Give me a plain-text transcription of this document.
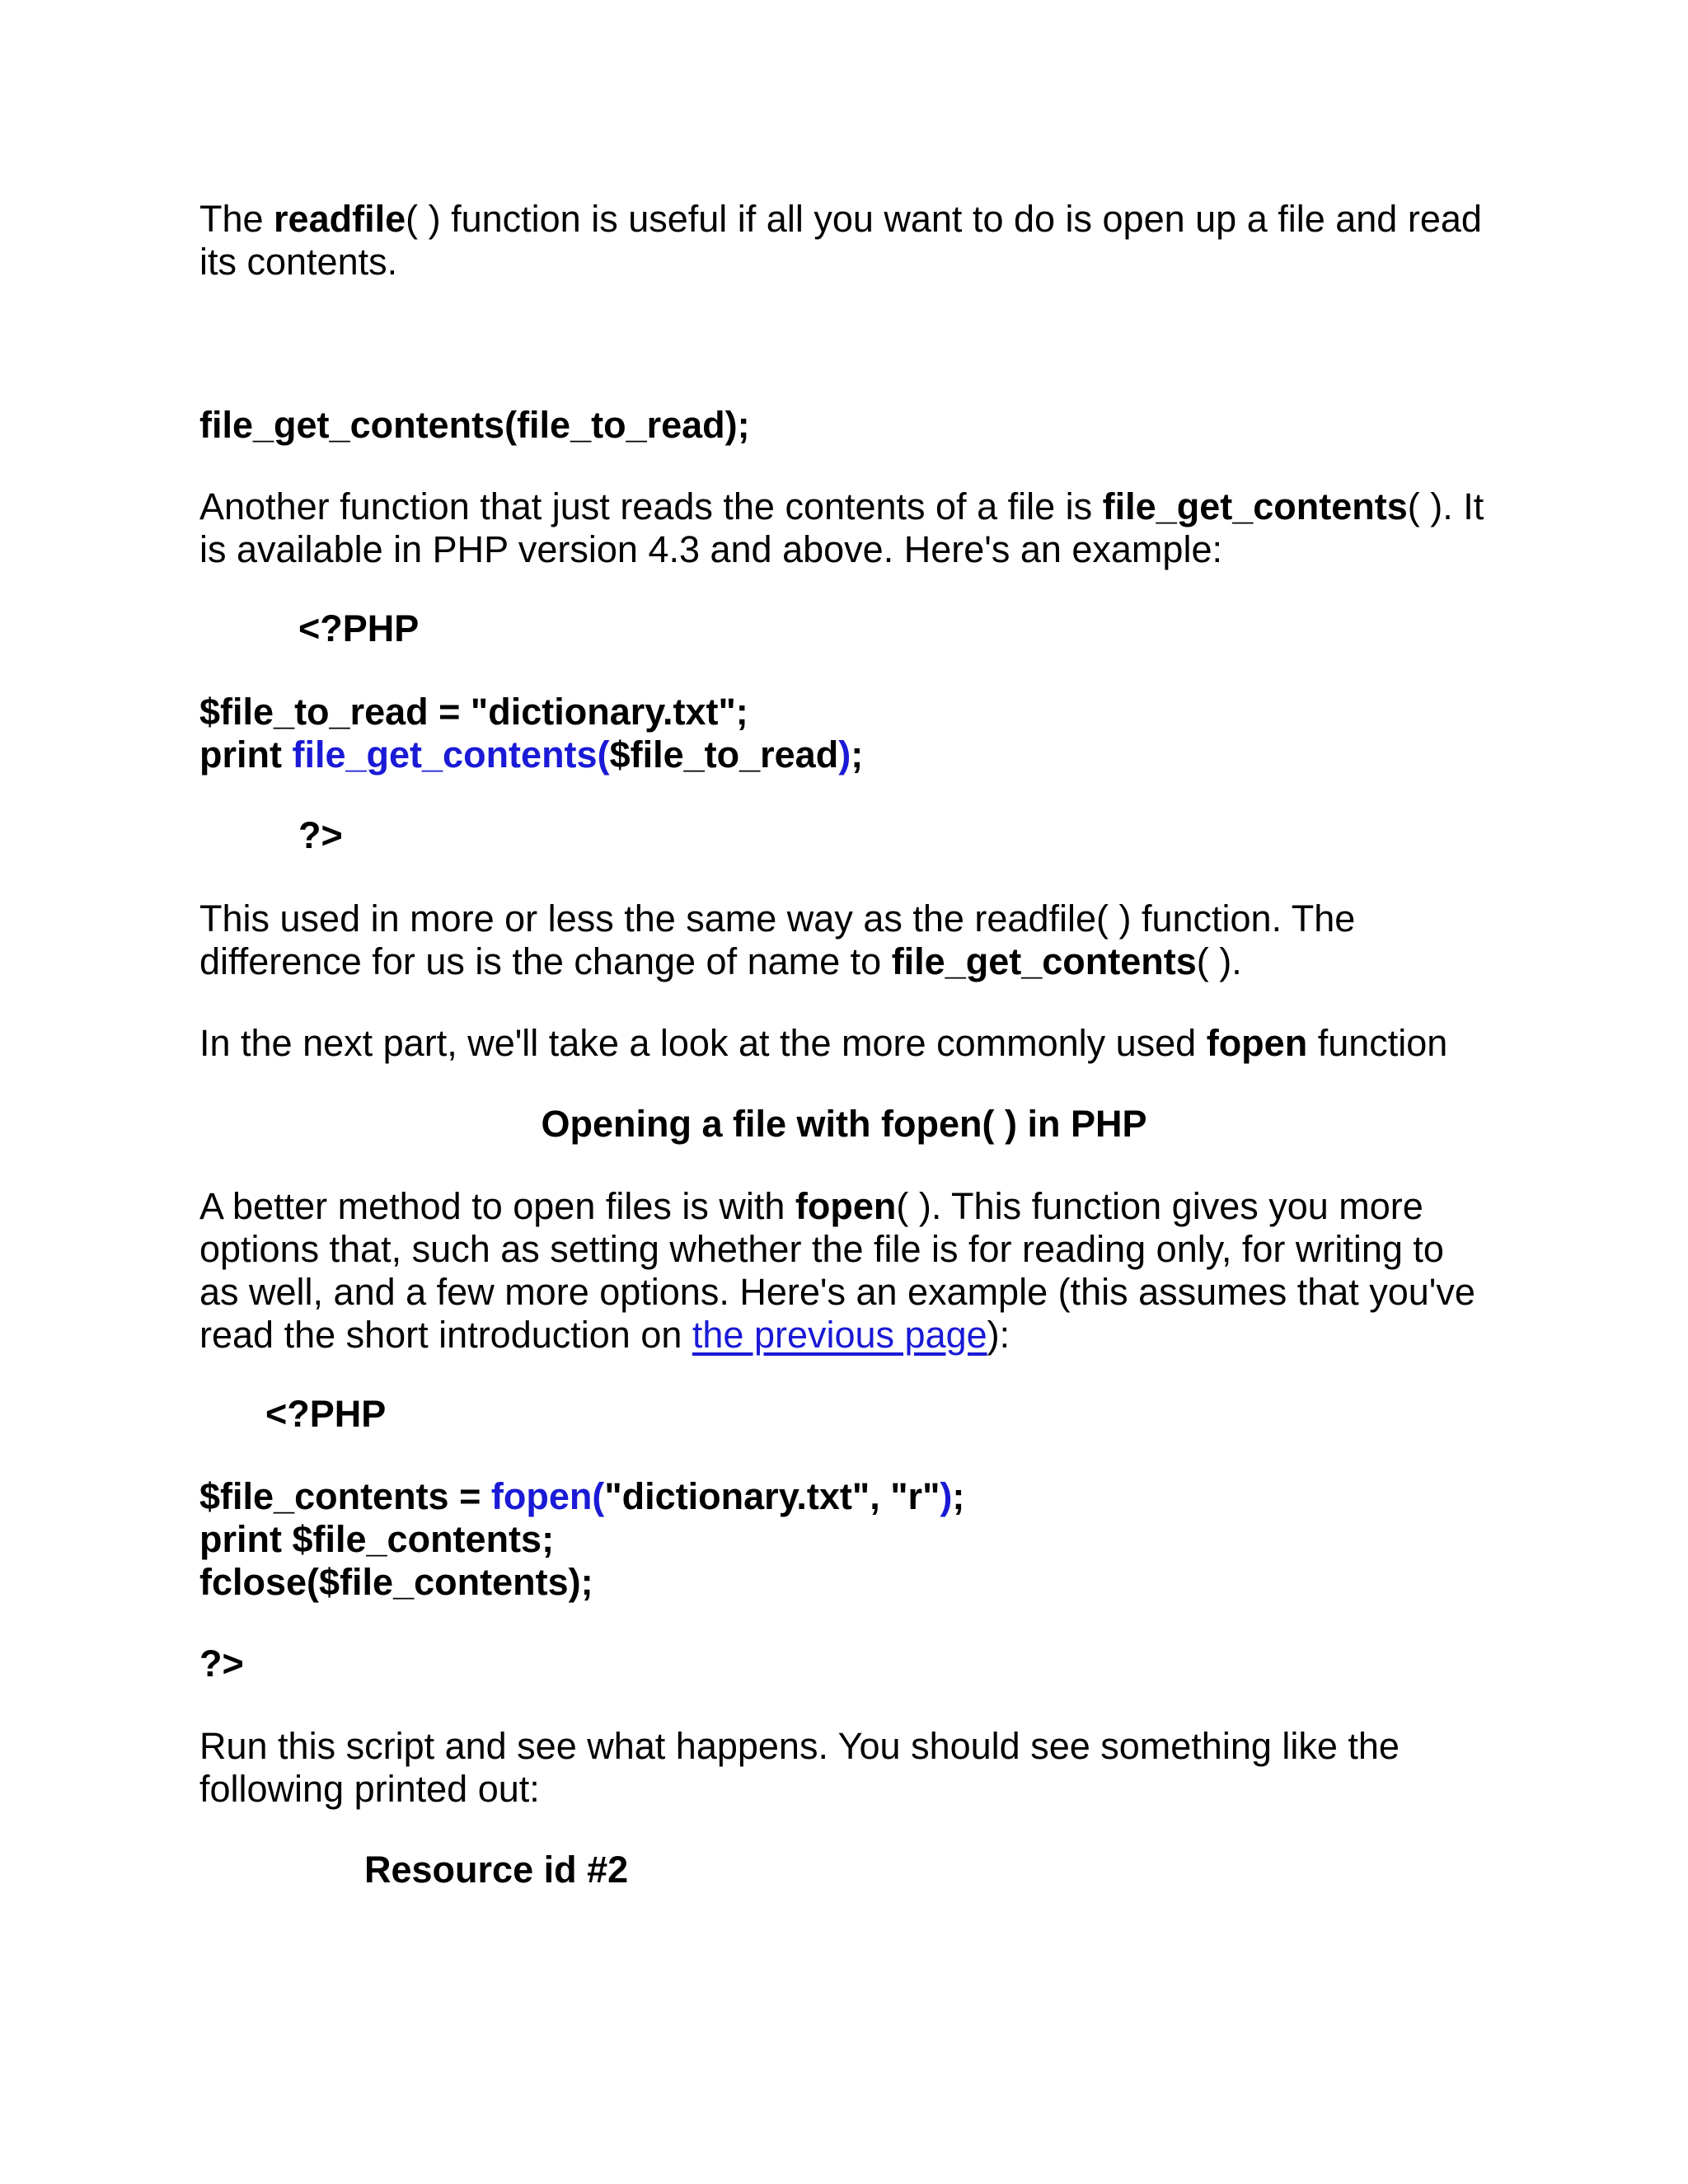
The readfile( ) function is useful if all you want to do is open up a file and read
its contents.
file_get_contents(file_to_read);
Another function that just reads the contents of a file is file_get_contents( ). It
is available in PHP version 4.3 and above. Here's an example:
<?PHP
$file_to_read = "dictionary.txt";
print file_get_contents($file_to_read);
?>
This used in more or less the same way as the readfile( ) function. The
difference for us is the change of name to file_get_contents( ).
In the next part, we'll take a look at the more commonly used fopen function
Opening a file with fopen( ) in PHP
A better method to open files is with fopen( ). This function gives you more
options that, such as setting whether the file is for reading only, for writing to
as well, and a few more options. Here's an example (this assumes that you've
read the short introduction on the previous page):
<?PHP
$file_contents = fopen("dictionary.txt", "r");
print $file_contents;
fclose($file_contents);
?>
Run this script and see what happens. You should see something like the
following printed out:
Resource id #2
